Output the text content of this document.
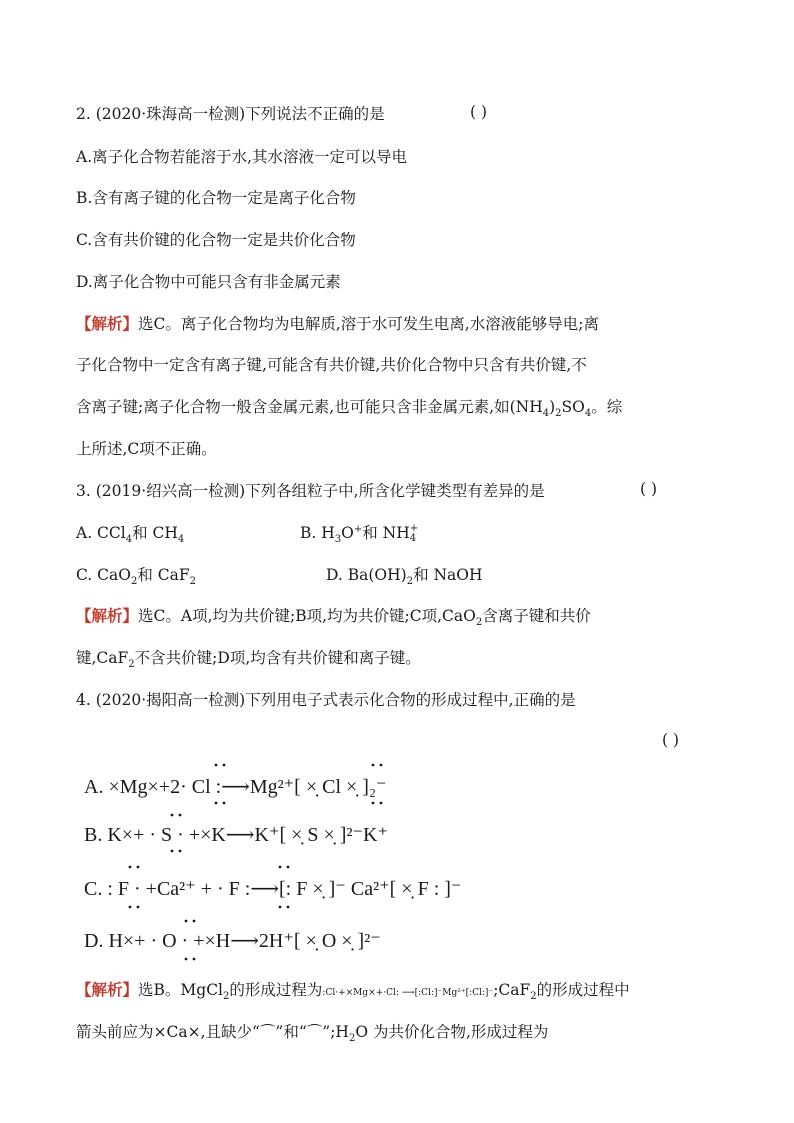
2. (2020·珠海高一检测)下列说法不正确的是	( )
A.离子化合物若能溶于水,其水溶液一定可以导电
B.含有离子键的化合物一定是离子化合物
C.含有共价键的化合物一定是共价化合物
D.离子化合物中可能只含有非金属元素
【解析】选C。离子化合物均为电解质,溶于水可发生电离,水溶液能够导电;离
子化合物中一定含有离子键,可能含有共价键,共价化合物中只含有共价键,不
含离子键;离子化合物一般含金属元素,也可能只含非金属元素,如$(NH_4)_2SO_4$。综
上所述,C项不正确。
3. (2019·绍兴高一检测)下列各组粒子中,所含化学键类型有差异的是	( )
A. CCl$_4$和 $CH_4$	B. $H_3O^+$和 NH+
4
C. CaO$_2$和 CaF$_2$	D. $Ba(OH)_2$和 NaOH
【解析】选C。A项,均为共价键;B项,均为共价键;C项,CaO$_2$含离子键和共价
键,CaF$_2$不含共价键;D项,均含有共价键和离子键。
4. (2020·揭阳高一检测)下列用电子式表示化合物的形成过程中,正确的是
( )
A. ×Mg×+2· Cl :⟶Mg²⁺[ ×̣ Cl ×̣ ]₂⁻
B. K×+ · S · +×K⟶K⁺[ ×̣ S ×̣ ]²⁻K⁺
C. : F · +Ca²⁺ + · F :⟶[: F ×̣ ]⁻ Ca²⁺[ ×̣ F : ]⁻
D. H×+ · O · +×H⟶2H⁺[ ×̣ O ×̣ ]²⁻
【解析】选B。MgCl$_2$的形成过程为:Cl·+×Mg×+·Cl: ⟶[:Cl:]⁻Mg²⁺[:Cl:]⁻;CaF$_2$的形成过程中
箭头前应为×Ca×,且缺少“⌒”和“$⌒”;H_2O$ 为共价化合物,形成过程为
